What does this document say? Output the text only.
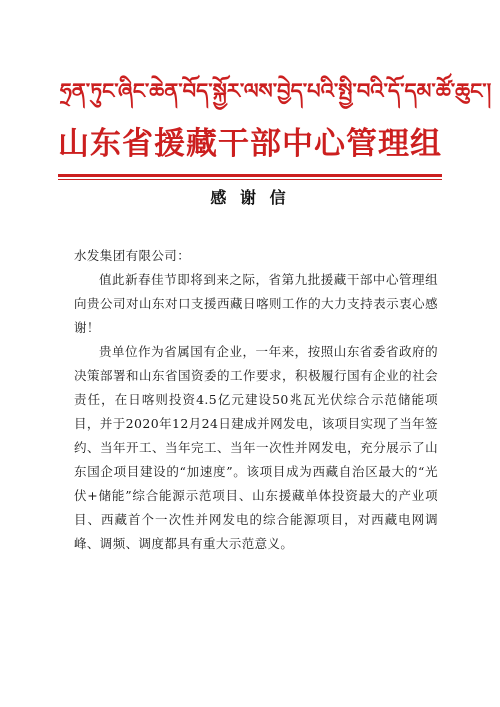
ཧྲན་ཏུང་ཞིང་ཆེན་བོད་སྐྱོར་ལས་བྱེད་པའི་སྤྱི་བའི་དོ་དམ་ཚོ་ཆུང་།
山东省援藏干部中心管理组
感 谢 信

水发集团有限公司：

值此新春佳节即将到来之际，省第九批援藏干部中心管理组向贵公司对山东对口支援西藏日喀则工作的大力支持表示衷心感谢！

贵单位作为省属国有企业，一年来，按照山东省委省政府的决策部署和山东省国资委的工作要求，积极履行国有企业的社会责任，在日喀则投资4.5亿元建设50兆瓦光伏综合示范储能项目，并于2020年12月24日建成并网发电，该项目实现了当年签约、当年开工、当年完工、当年一次性并网发电，充分展示了山东国企项目建设的“加速度”。该项目成为西藏自治区最大的“光伏+储能”综合能源示范项目、山东援藏单体投资最大的产业项目、西藏首个一次性并网发电的综合能源项目，对西藏电网调峰、调频、调度都具有重大示范意义。
